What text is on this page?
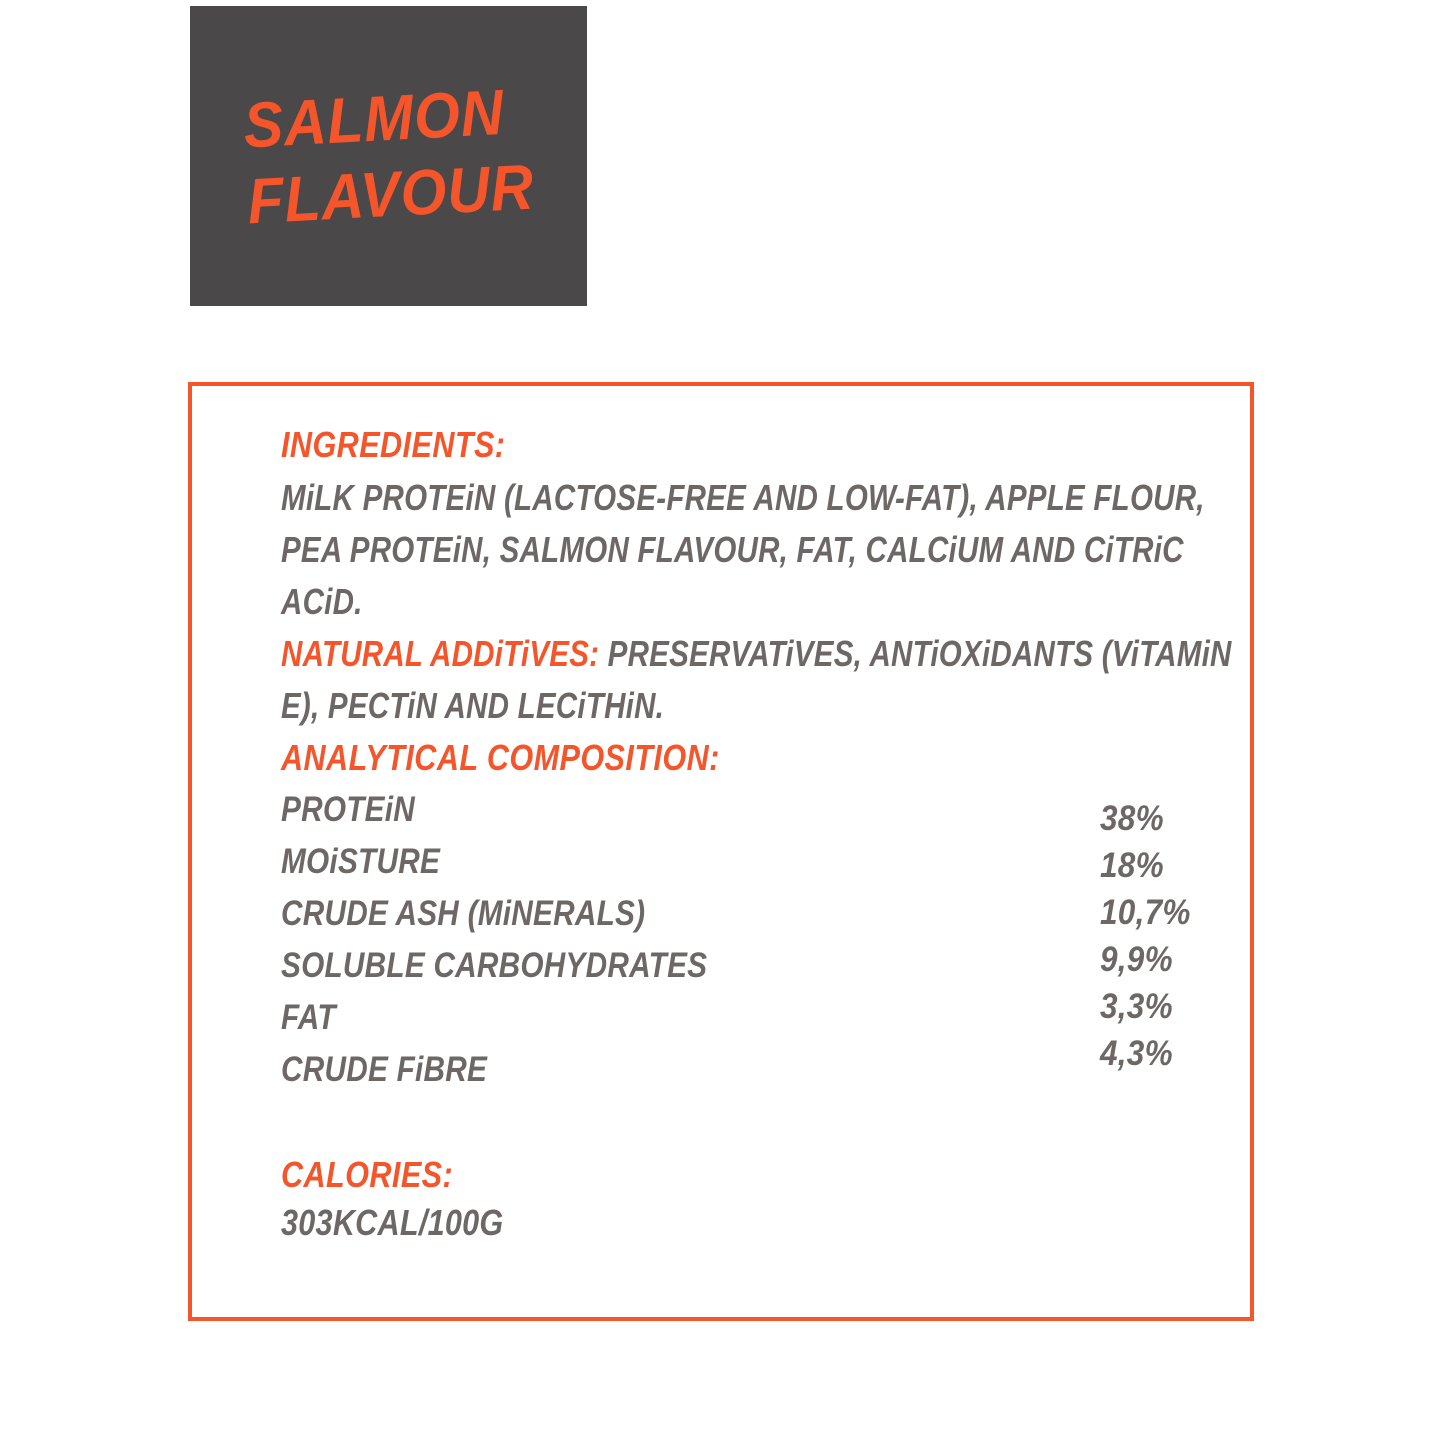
SALMON
FLAVOUR
INGREDIENTS:
MiLK PROTEiN (LACTOSE-FREE AND LOW-FAT), APPLE FLOUR, PEA PROTEiN, SALMON FLAVOUR, FAT, CALCiUM AND CiTRiC ACiD.
NATURAL ADDiTiVES: PRESERVATiVES, ANTiOXiDANTS (ViTAMiN E), PECTiN AND LECiTHiN.
ANALYTICAL COMPOSITION:
PROTEiN
MOiSTURE
CRUDE ASH (MiNERALS)
SOLUBLE CARBOHYDRATES
FAT
CRUDE FiBRE
38%
18%
10,7%
9,9%
3,3%
4,3%
CALORIES:
303KCAL/100G
